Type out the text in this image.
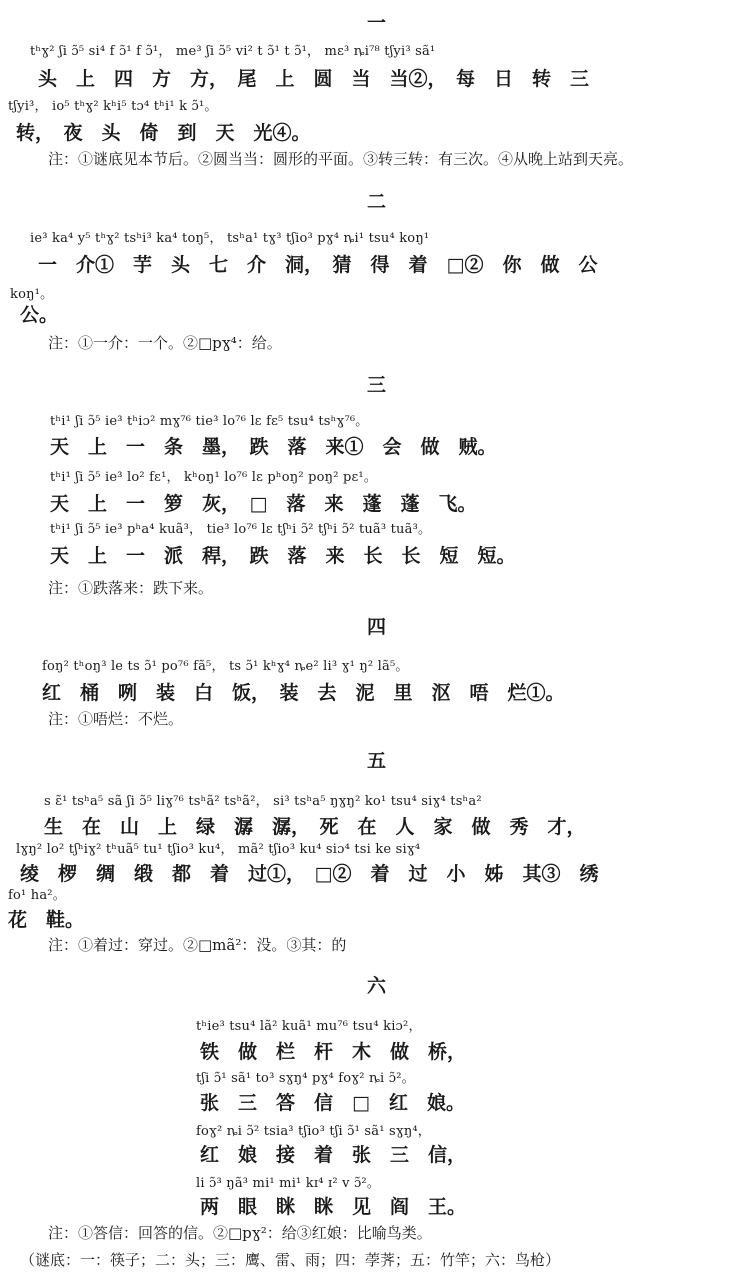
一
tʰɣ² ʃi ɔ̃⁵ si⁴ f ɔ̃¹ f ɔ̃¹， me³ ʃi ɔ̃⁵ vi² t ɔ̃¹ t ɔ̃¹， mɛ³ ȵi⁷⁸ tʃyi³ sã¹
头　上　四　方　方，　尾　上　圆　当　当②，　每　日　转　三
tʃyi³， io⁵ tʰɣ² kʰi⁵ tɔ⁴ tʰi¹ k ɔ̃¹。
转，　夜　头　倚　到　天　光④。
注：①谜底见本节后。②圆当当：圆形的平面。③转三转：有三次。④从晚上站到天亮。
二
ie³ ka⁴ y⁵ tʰɣ² tsʰi³ ka⁴ toŋ⁵， tsʰa¹ tɣ³ tʃio³ pɣ⁴ ȵi¹ tsu⁴ koŋ¹
一　介①　芋　头　七　介　洞，　猜　得　着　□②　你　做　公
koŋ¹。
公。
注：①一介：一个。②□pɣ⁴：给。
三
tʰi¹ ʃi ɔ̃⁵ ie³ tʰiɔ² mɣ⁷⁶ tie³ lo⁷⁶ lɛ fɛ⁵ tsu⁴ tsʰɣ⁷⁶。
天　上　一　条　墨，　跌　落　来①　会　做　贼。
tʰi¹ ʃi ɔ̃⁵ ie³ lo² fɛ¹， kʰoŋ¹ lo⁷⁶ lɛ pʰoŋ² poŋ² pɛ¹。
天　上　一　箩　灰，　□　落　来　蓬　蓬　飞。
tʰi¹ ʃi ɔ̃⁵ ie³ pʰa⁴ kuã³， tie³ lo⁷⁶ lɛ tʃʰi ɔ̃² tʃʰi ɔ̃² tuã³ tuã³。
天　上　一　派　稈，　跌　落　来　长　长　短　短。
注：①跌落来：跌下来。
四
foŋ² tʰoŋ³ le ts ɔ̃¹ po⁷⁶ fã⁵， ts ɔ̃¹ kʰɣ⁴ ȵe² li³ ɣ¹ ŋ² lã⁵。
红　桶　咧　装　白　饭，　装　去　泥　里　沤　唔　烂①。
注：①唔烂：不烂。
五
s ɛ̃¹ tsʰa⁵ sã ʃi ɔ̃⁵ liɣ⁷⁶ tsʰã² tsʰã²， si³ tsʰa⁵ ŋɣŋ² ko¹ tsu⁴ siɣ⁴ tsʰa²
生　在　山　上　绿　潺　潺，　死　在　人　家　做　秀　才，
lɣŋ² lo² tʃʰiɣ² tʰuã⁵ tu¹ tʃio³ ku⁴， mã² tʃio³ ku⁴ siɔ⁴ tsi ke siɣ⁴
绫　椤　绸　缎　都　着　过①，　□②　着　过　小　姊　其③　绣
fo¹ ha²。
花　鞋。
注：①着过：穿过。②□mã²：没。③其：的
六
tʰie³ tsu⁴ lã² kuã¹ mu⁷⁶ tsu⁴ kiɔ²，
铁　做　栏　杆　木　做　桥，
tʃi ɔ̃¹ sã¹ to³ sɣŋ⁴ pɣ⁴ foɣ² ȵi ɔ̃²。
张　三　答　信　□　红　娘。
foɣ² ȵi ɔ̃² tsia³ tʃio³ tʃi ɔ̃¹ sã¹ sɣŋ⁴，
红　娘　接　着　张　三　信，
li ɔ̃³ ŋã³ mi¹ mi¹ kɪ⁴ ɪ² v ɔ̃²。
两　眼　眯　眯　见　阎　王。
注：①答信：回答的信。②□pɣ²：给③红娘：比喻鸟类。
（谜底：一：筷子；二：头；三：鹰、雷、雨；四：荸荠；五：竹竿；六：鸟枪）
